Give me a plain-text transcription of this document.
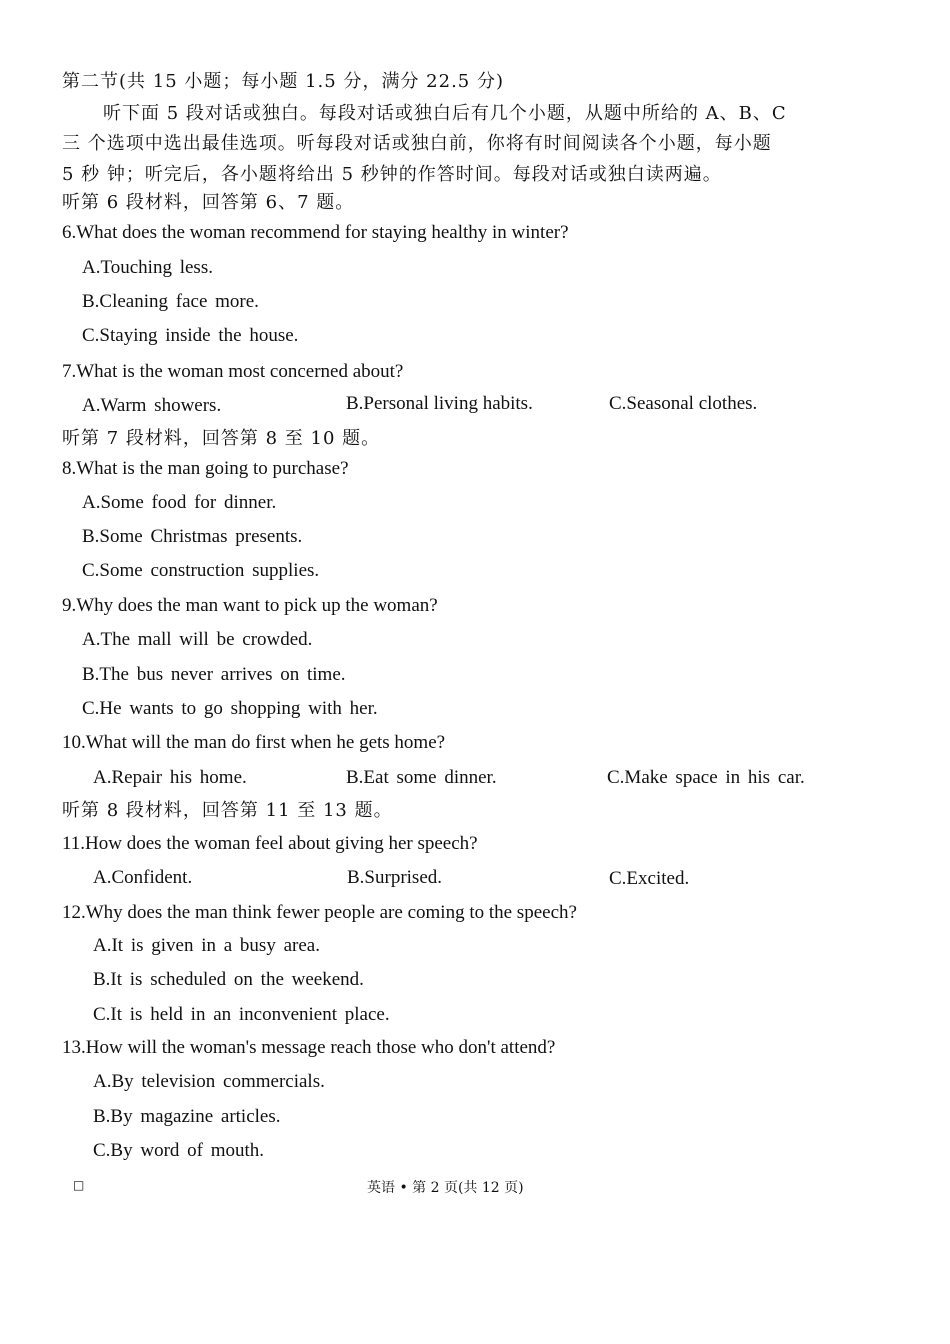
第二节(共 15 小题；每小题 1.5 分，满分 22.5 分)
听下面 5 段对话或独白。每段对话或独白后有几个小题，从题中所给的 A、B、C
三 个选项中选出最佳选项。听每段对话或独白前，你将有时间阅读各个小题，每小题
5 秒 钟；听完后，各小题将给出 5 秒钟的作答时间。每段对话或独白读两遍。
听第 6 段材料，回答第 6、7 题。
6.What does the woman recommend for staying healthy in winter?
A.Touching less.
B.Cleaning face more.
C.Staying inside the house.
7.What is the woman most concerned about?
A.Warm showers.	B.Personal living habits.	C.Seasonal clothes.
听第 7 段材料，回答第 8 至 10 题。
8.What is the man going to purchase?
A.Some food for dinner.
B.Some Christmas presents.
C.Some construction supplies.
9.Why does the man want to pick up the woman?
A.The mall will be crowded.
B.The bus never arrives on time.
C.He wants to go shopping with her.
10.What will the man do first when he gets home?
A.Repair his home.	B.Eat some dinner.	C.Make space in his car.
听第 8 段材料，回答第 11 至 13 题。
11.How does the woman feel about giving her speech?
A.Confident.	B.Surprised.	C.Excited.
12.Why does the man think fewer people are coming to the speech?
A.It is given in a busy area.
B.It is scheduled on the weekend.
C.It is held in an inconvenient place.
13.How will the woman's message reach those who don't attend?
A.By television commercials.
B.By magazine articles.
C.By word of mouth.
□	英语 • 第 2 页(共 12 页)
